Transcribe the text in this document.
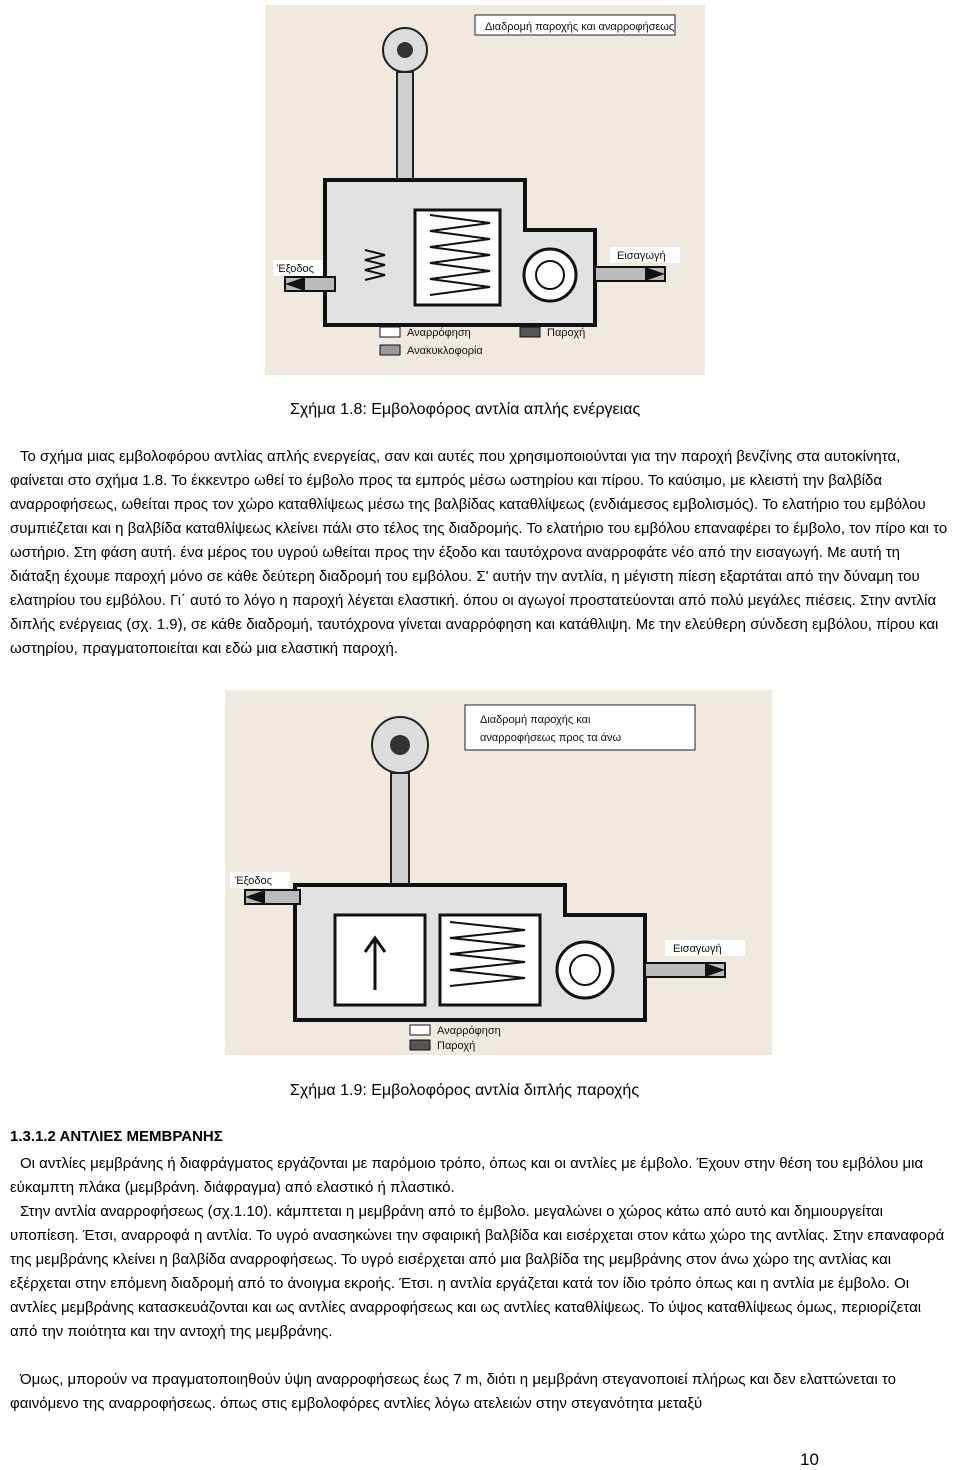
Διαδρομή παροχής και αναρροφήσεως
Έξοδος
Εισαγωγή
Αναρρόφηση	Παροχή
Ανακυκλοφορία
Σχήμα 1.8: Εμβολοφόρος αντλία απλής ενέργειας

Το σχήμα μιας εμβολοφόρου αντλίας απλής ενεργείας, σαν και αυτές που χρησιμοποιούνται για την παροχή βενζίνης στα αυτοκίνητα, φαίνεται στο σχήμα 1.8. Το έκκεντρο ωθεί το έμβολο προς τα εμπρός μέσω ωστηρίου και πίρου. Το καύσιμο, με κλειστή την βαλβίδα αναρροφήσεως, ωθείται προς τον χώρο καταθλίψεως μέσω της βαλβίδας καταθλίψεως (ενδιάμεσος εμβολισμός). Το ελατήριο του εμβόλου συμπιέζεται και η βαλβίδα καταθλίψεως κλείνει πάλι στο τέλος της διαδρομής. Το ελατήριο του εμβόλου επαναφέρει το έμβολο, τον πίρο και το ωστήριο. Στη φάση αυτή. ένα μέρος του υγρού ωθείται προς την έξοδο και ταυτόχρονα αναρροφάτε νέο από την εισαγωγή. Με αυτή τη διάταξη έχουμε παροχή μόνο σε κάθε δεύτερη διαδρομή του εμβόλου. Σ' αυτήν την αντλία, η μέγιστη πίεση εξαρτάται από την δύναμη του ελατηρίου του εμβόλου. Γι΄ αυτό το λόγο η παροχή λέγεται ελαστική. όπου οι αγωγοί προστατεύονται από πολύ μεγάλες πιέσεις. Στην αντλία διπλής ενέργειας (σχ. 1.9), σε κάθε διαδρομή, ταυτόχρονα γίνεται αναρρόφηση και κατάθλιψη. Με την ελεύθερη σύνδεση εμβόλου, πίρου και ωστηρίου, πραγματοποιείται και εδώ μια ελαστική παροχή.

Διαδρομή παροχής και
αναρροφήσεως προς τα άνω
Έξοδος
Εισαγωγή
Αναρρόφηση
Παροχή
Σχήμα 1.9: Εμβολοφόρος αντλία διπλής παροχής
1.3.1.2 ΑΝΤΛΙΕΣ ΜΕΜΒΡΑΝΗΣ

Οι αντλίες μεμβράνης ή διαφράγματος εργάζονται με παρόμοιο τρόπο, όπως και οι αντλίες με έμβολο. Έχουν στην θέση του εμβόλου μια εύκαμπτη πλάκα (μεμβράνη. διάφραγμα) από ελαστικό ή πλαστικό.

Στην αντλία αναρροφήσεως (σχ.1.10). κάμπτεται η μεμβράνη από το έμβολο. μεγαλώνει ο χώρος κάτω από αυτό και δημιουργείται υποπίεση. Έτσι, αναρροφά η αντλία. Το υγρό ανασηκώνει την σφαιρική βαλβίδα και εισέρχεται στον κάτω χώρο της αντλίας. Στην επαναφορά της μεμβράνης κλείνει η βαλβίδα αναρροφήσεως. Το υγρό εισέρχεται από μια βαλβίδα της μεμβράνης στον άνω χώρο της αντλίας και εξέρχεται στην επόμενη διαδρομή από το άνοιγμα εκροής. Έτσι. η αντλία εργάζεται κατά τον ίδιο τρόπο όπως και η αντλία με έμβολο. Οι αντλίες μεμβράνης κατασκευάζονται και ως αντλίες αναρροφήσεως και ως αντλίες καταθλίψεως. Το ύψος καταθλίψεως όμως, περιορίζεται από την ποιότητα και την αντοχή της μεμβράνης.

Όμως, μπορούν να πραγματοποιηθούν ύψη αναρροφήσεως έως 7 m, διότι η μεμβράνη στεγανοποιεί πλήρως και δεν ελαττώνεται το φαινόμενο της αναρροφήσεως. όπως στις εμβολοφόρες αντλίες λόγω ατελειών στην στεγανότητα μεταξύ

10
